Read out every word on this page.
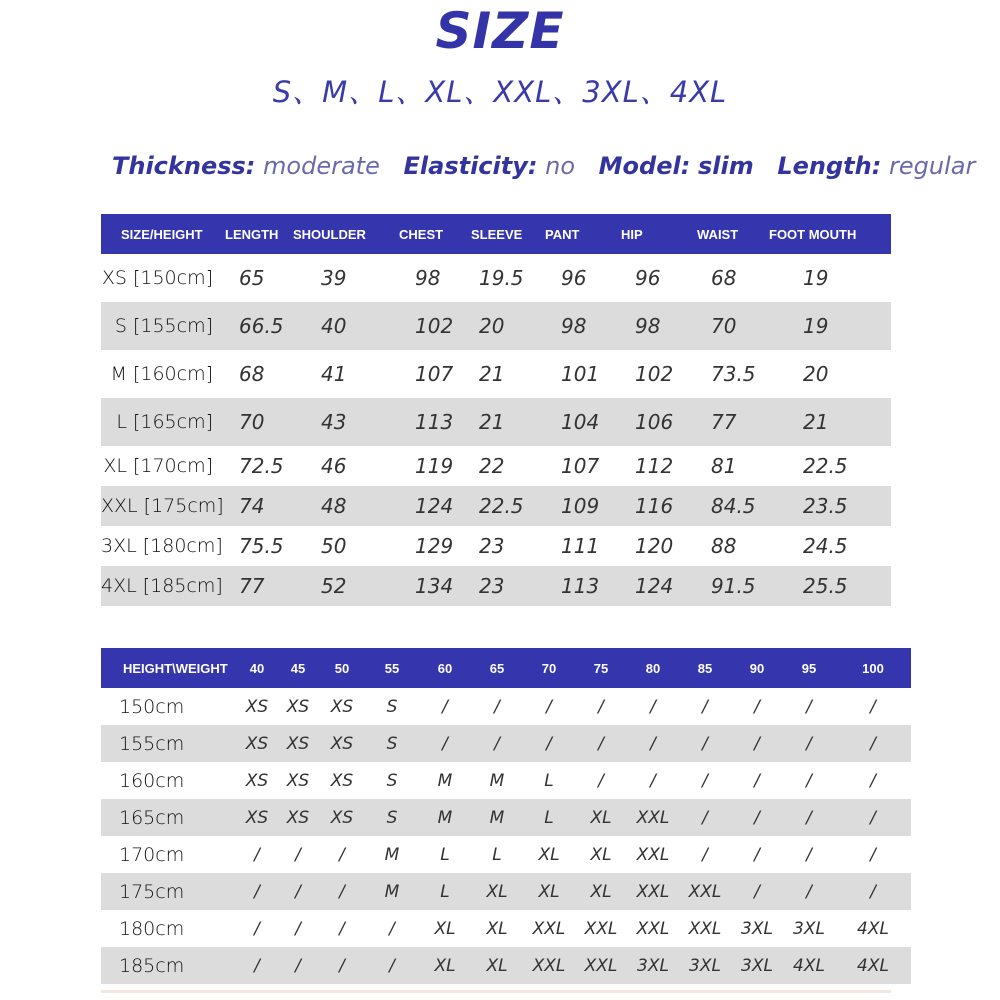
SIZE
S、M、L、XL、XXL、3XL、4XL
Thickness: moderate Elasticity: no Model: slim Length: regular
SIZE/HEIGHT	LENGTH	SHOULDER	CHEST	SLEEVE	PANT	HIP	WAIST	FOOT MOUTH
XS [150cm]	65	39	98	19.5	96	96	68	19
S [155cm]	66.5	40	102	20	98	98	70	19
M [160cm]	68	41	107	21	101	102	73.5	20
L [165cm]	70	43	113	21	104	106	77	21
XL [170cm]	72.5	46	119	22	107	112	81	22.5
XXL [175cm]	74	48	124	22.5	109	116	84.5	23.5
3XL [180cm]	75.5	50	129	23	111	120	88	24.5
4XL [185cm]	77	52	134	23	113	124	91.5	25.5
HEIGHT\WEIGHT	40	45	50	55	60	65	70	75	80	85	90	95	100
150cm	XS	XS	XS	S	/	/	/	/	/	/	/	/	/
155cm	XS	XS	XS	S	/	/	/	/	/	/	/	/	/
160cm	XS	XS	XS	S	M	M	L	/	/	/	/	/	/
165cm	XS	XS	XS	S	M	M	L	XL	XXL	/	/	/	/
170cm	/	/	/	M	L	L	XL	XL	XXL	/	/	/	/
175cm	/	/	/	M	L	XL	XL	XL	XXL	XXL	/	/	/
180cm	/	/	/	/	XL	XL	XXL	XXL	XXL	XXL	3XL	3XL	4XL
185cm	/	/	/	/	XL	XL	XXL	XXL	3XL	3XL	3XL	4XL	4XL
